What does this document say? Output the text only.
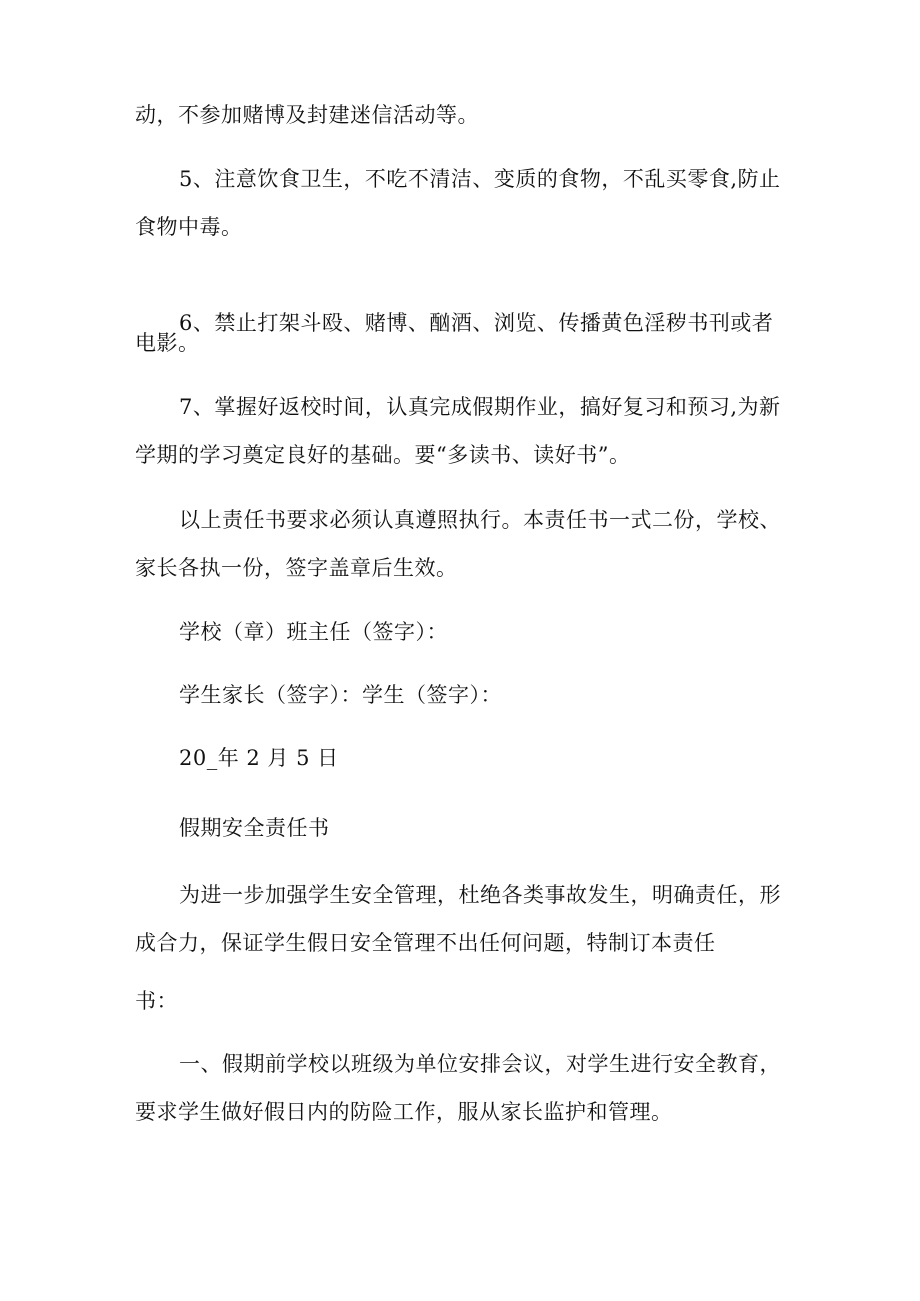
动，不参加赌博及封建迷信活动等。
5、注意饮食卫生，不吃不清洁、变质的食物，不乱买零食,防止
食物中毒。
6、禁止打架斗殴、赌博、酗酒、浏览、传播黄色淫秽书刊或者
电影。
7、掌握好返校时间，认真完成假期作业，搞好复习和预习,为新
学期的学习奠定良好的基础。要“多读书、读好书”。
以上责任书要求必须认真遵照执行。本责任书一式二份，学校、
家长各执一份，签字盖章后生效。
学校（章）班主任（签字）：
学生家长（签字）：学生（签字）：
20_年 2 月 5 日
假期安全责任书
为进一步加强学生安全管理，杜绝各类事故发生，明确责任，形
成合力，保证学生假日安全管理不出任何问题，特制订本责任
书：
一、假期前学校以班级为单位安排会议，对学生进行安全教育，
要求学生做好假日内的防险工作，服从家长监护和管理。
